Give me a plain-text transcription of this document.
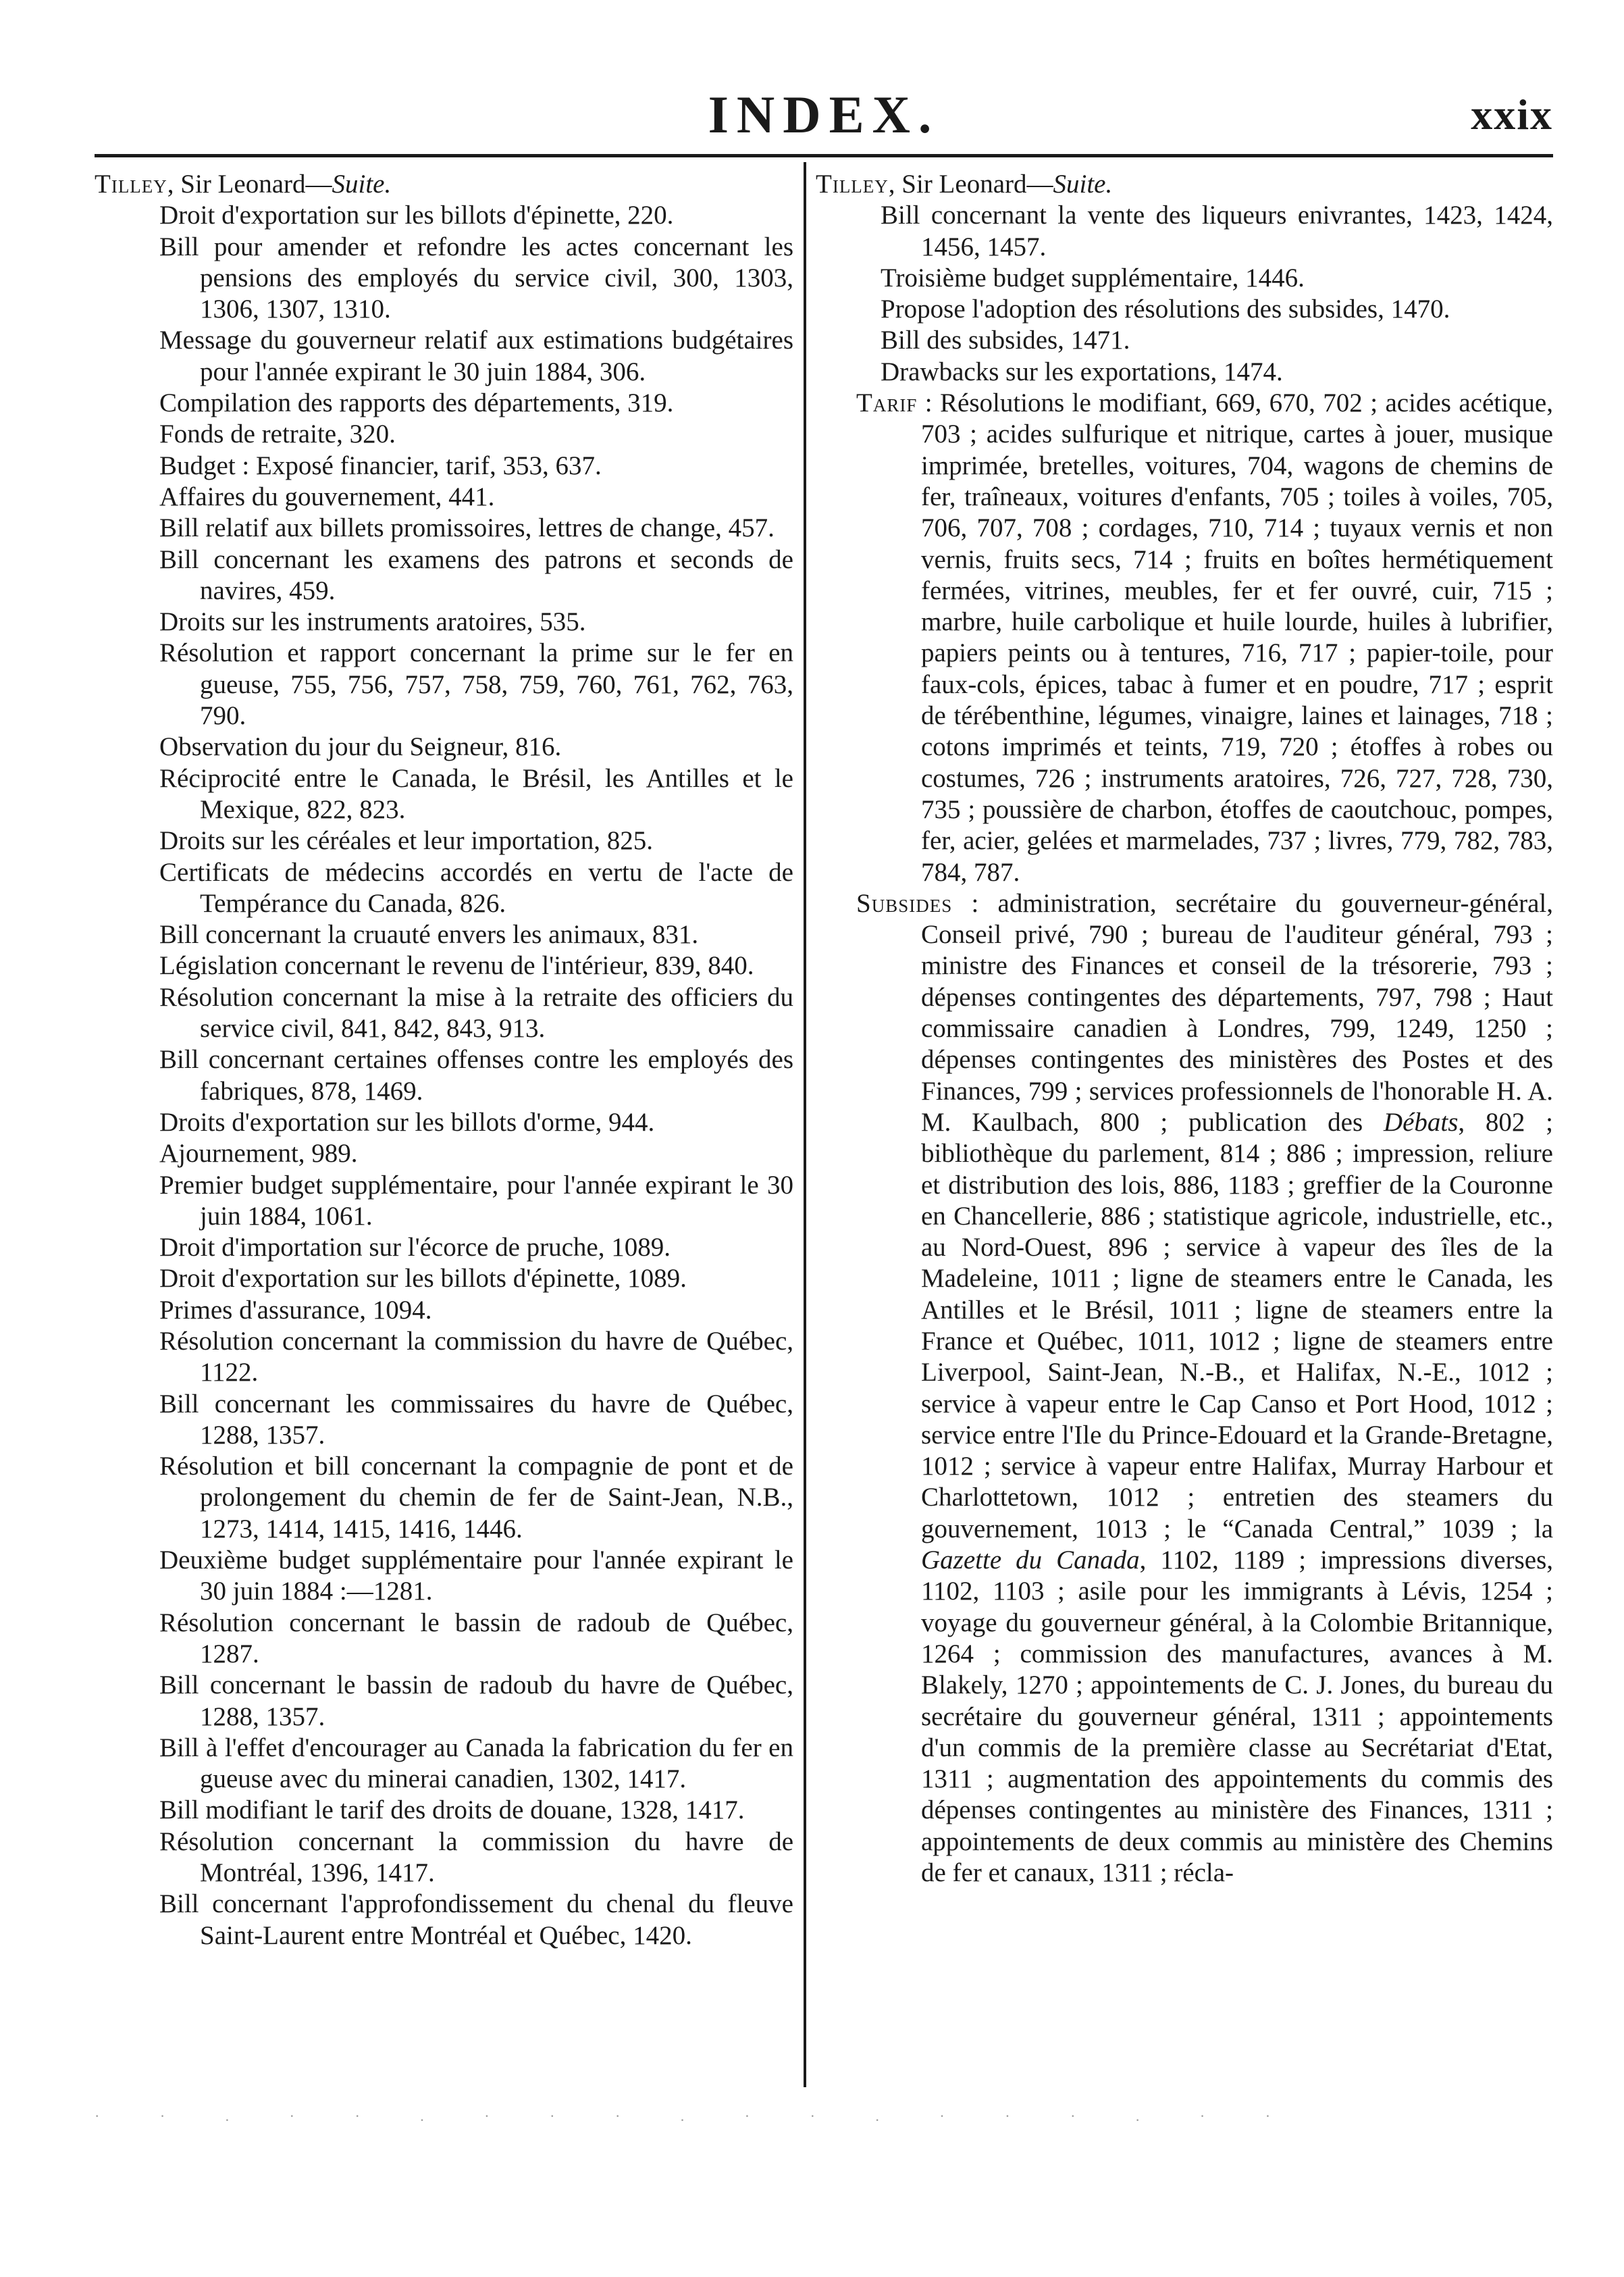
INDEX.	xxix

Tilley, Sir Leonard—Suite.

Droit d'exportation sur les billots d'épinette, 220.

Bill pour amender et refondre les actes concernant les pensions des employés du service civil, 300, 1303, 1306, 1307, 1310.

Message du gouverneur relatif aux estimations budgétaires pour l'année expirant le 30 juin 1884, 306.

Compilation des rapports des départements, 319.

Fonds de retraite, 320.

Budget : Exposé financier, tarif, 353, 637.

Affaires du gouvernement, 441.

Bill relatif aux billets promissoires, lettres de change, 457.

Bill concernant les examens des patrons et seconds de navires, 459.

Droits sur les instruments aratoires, 535.

Résolution et rapport concernant la prime sur le fer en gueuse, 755, 756, 757, 758, 759, 760, 761, 762, 763, 790.

Observation du jour du Seigneur, 816.

Réciprocité entre le Canada, le Brésil, les Antilles et le Mexique, 822, 823.

Droits sur les céréales et leur importation, 825.

Certificats de médecins accordés en vertu de l'acte de Tempérance du Canada, 826.

Bill concernant la cruauté envers les animaux, 831.

Législation concernant le revenu de l'intérieur, 839, 840.

Résolution concernant la mise à la retraite des officiers du service civil, 841, 842, 843, 913.

Bill concernant certaines offenses contre les employés des fabriques, 878, 1469.

Droits d'exportation sur les billots d'orme, 944.

Ajournement, 989.

Premier budget supplémentaire, pour l'année expirant le 30 juin 1884, 1061.

Droit d'importation sur l'écorce de pruche, 1089.

Droit d'exportation sur les billots d'épinette, 1089.

Primes d'assurance, 1094.

Résolution concernant la commission du havre de Québec, 1122.

Bill concernant les commissaires du havre de Québec, 1288, 1357.

Résolution et bill concernant la compagnie de pont et de prolongement du chemin de fer de Saint-Jean, N.B., 1273, 1414, 1415, 1416, 1446.

Deuxième budget supplémentaire pour l'année expirant le 30 juin 1884 :—1281.

Résolution concernant le bassin de radoub de Québec, 1287.

Bill concernant le bassin de radoub du havre de Québec, 1288, 1357.

Bill à l'effet d'encourager au Canada la fabrication du fer en gueuse avec du minerai canadien, 1302, 1417.

Bill modifiant le tarif des droits de douane, 1328, 1417.

Résolution concernant la commission du havre de Montréal, 1396, 1417.

Bill concernant l'approfondissement du chenal du fleuve Saint-Laurent entre Montréal et Québec, 1420.

Tilley, Sir Leonard—Suite.

Bill concernant la vente des liqueurs enivrantes, 1423, 1424, 1456, 1457.

Troisième budget supplémentaire, 1446.

Propose l'adoption des résolutions des subsides, 1470.

Bill des subsides, 1471.

Drawbacks sur les exportations, 1474.

Tarif : Résolutions le modifiant, 669, 670, 702 ; acides acétique, 703 ; acides sulfurique et nitrique, cartes à jouer, musique imprimée, bretelles, voitures, 704, wagons de chemins de fer, traîneaux, voitures d'enfants, 705 ; toiles à voiles, 705, 706, 707, 708 ; cordages, 710, 714 ; tuyaux vernis et non vernis, fruits secs, 714 ; fruits en boîtes hermétiquement fermées, vitrines, meubles, fer et fer ouvré, cuir, 715 ; marbre, huile carbolique et huile lourde, huiles à lubrifier, papiers peints ou à tentures, 716, 717 ; papier-toile, pour faux-cols, épices, tabac à fumer et en poudre, 717 ; esprit de térébenthine, légumes, vinaigre, laines et lainages, 718 ; cotons imprimés et teints, 719, 720 ; étoffes à robes ou costumes, 726 ; instruments aratoires, 726, 727, 728, 730, 735 ; poussière de charbon, étoffes de caoutchouc, pompes, fer, acier, gelées et marmelades, 737 ; livres, 779, 782, 783, 784, 787.

Subsides : administration, secrétaire du gouverneur-général, Conseil privé, 790 ; bureau de l'auditeur général, 793 ; ministre des Finances et conseil de la trésorerie, 793 ; dépenses contingentes des départements, 797, 798 ; Haut commissaire canadien à Londres, 799, 1249, 1250 ; dépenses contingentes des ministères des Postes et des Finances, 799 ; services professionnels de l'honorable H. A. M. Kaulbach, 800 ; publication des Débats, 802 ; bibliothèque du parlement, 814 ; 886 ; impression, reliure et distribution des lois, 886, 1183 ; greffier de la Couronne en Chancellerie, 886 ; statistique agricole, industrielle, etc., au Nord-Ouest, 896 ; service à vapeur des îles de la Madeleine, 1011 ; ligne de steamers entre le Canada, les Antilles et le Brésil, 1011 ; ligne de steamers entre la France et Québec, 1011, 1012 ; ligne de steamers entre Liverpool, Saint-Jean, N.-B., et Halifax, N.-E., 1012 ; service à vapeur entre le Cap Canso et Port Hood, 1012 ; service entre l'Ile du Prince-Edouard et la Grande-Bretagne, 1012 ; service à vapeur entre Halifax, Murray Harbour et Charlottetown, 1012 ; entretien des steamers du gouvernement, 1013 ; le “Canada Central,” 1039 ; la Gazette du Canada, 1102, 1189 ; impressions diverses, 1102, 1103 ; asile pour les immigrants à Lévis, 1254 ; voyage du gouverneur général, à la Colombie Britannique, 1264 ; commission des manufactures, avances à M. Blakely, 1270 ; appointements de C. J. Jones, du bureau du secrétaire du gouverneur général, 1311 ; appointements d'un commis de la première classe au Secrétariat d'Etat, 1311 ; augmentation des appointements du commis des dépenses contingentes au ministère des Finances, 1311 ; appointements de deux commis au ministère des Chemins de fer et canaux, 1311 ; récla-

· · . · · . · · · . · · . · · · . · ·
